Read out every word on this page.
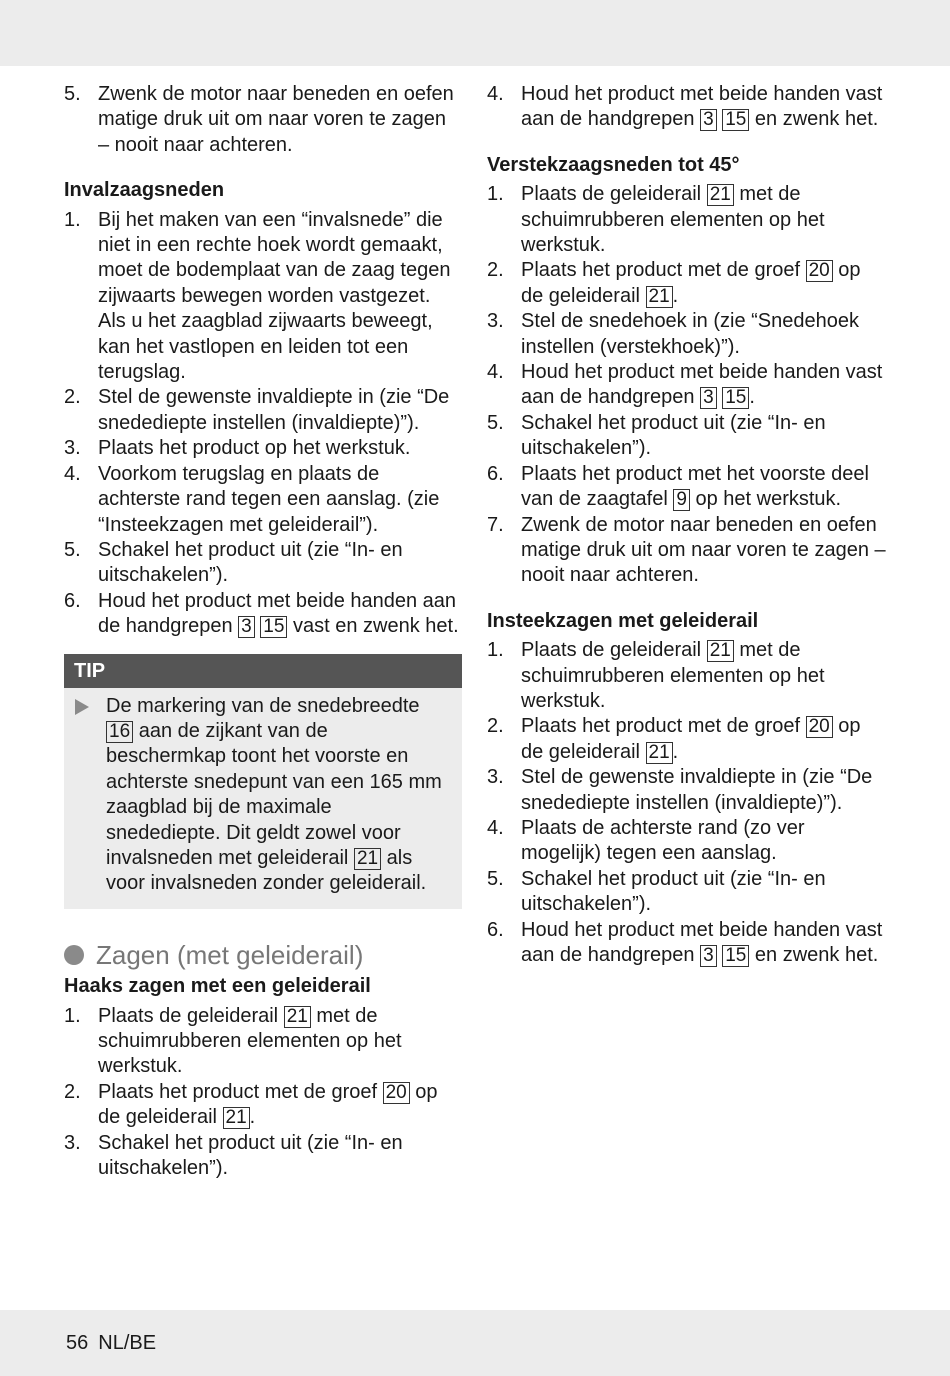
5. Zwenk de motor naar beneden en oefen matige druk uit om naar voren te zagen – nooit naar achteren.

Invalzaagsneden

1. Bij het maken van een “invalsnede” die niet in een rechte hoek wordt gemaakt, moet de bodemplaat van de zaag tegen zijwaarts bewegen worden vastgezet. Als u het zaagblad zijwaarts beweegt, kan het vastlopen en leiden tot een terugslag.
2. Stel de gewenste invaldiepte in (zie “De snedediepte instellen (invaldiepte)”).
3. Plaats het product op het werkstuk.
4. Voorkom terugslag en plaats de achterste rand tegen een aanslag. (zie “Insteekzagen met geleiderail”).
5. Schakel het product uit (zie “In- en uitschakelen”).
6. Houd het product met beide handen aan de handgrepen 3 15 vast en zwenk het.
TIP
De markering van de snedebreedte 16 aan de zijkant van de beschermkap toont het voorste en achterste snedepunt van een 165 mm zaagblad bij de maximale snedediepte. Dit geldt zowel voor invalsneden met geleiderail 21 als voor invalsneden zonder geleiderail.
Zagen (met geleiderail)

Haaks zagen met een geleiderail

1. Plaats de geleiderail 21 met de schuimrubberen elementen op het werkstuk.
2. Plaats het product met de groef 20 op de geleiderail 21 .
3. Schakel het product uit (zie “In- en uitschakelen”).
4. Houd het product met beide handen vast aan de handgrepen 3 15 en zwenk het.

Verstekzaagsneden tot 45°

1. Plaats de geleiderail 21 met de schuimrubberen elementen op het werkstuk.
2. Plaats het product met de groef 20 op de geleiderail 21 .
3. Stel de snedehoek in (zie “Snedehoek instellen (verstekhoek)”).
4. Houd het product met beide handen vast aan de handgrepen 3 15 .
5. Schakel het product uit (zie “In- en uitschakelen”).
6. Plaats het product met het voorste deel van de zaagtafel 9 op het werkstuk.
7. Zwenk de motor naar beneden en oefen matige druk uit om naar voren te zagen – nooit naar achteren.

Insteekzagen met geleiderail

1. Plaats de geleiderail 21 met de schuimrubberen elementen op het werkstuk.
2. Plaats het product met de groef 20 op de geleiderail 21 .
3. Stel de gewenste invaldiepte in (zie “De snedediepte instellen (invaldiepte)”).
4. Plaats de achterste rand (zo ver mogelijk) tegen een aanslag.
5. Schakel het product uit (zie “In- en uitschakelen”).
6. Houd het product met beide handen vast aan de handgrepen 3 15 en zwenk het.
56 NL/BE
